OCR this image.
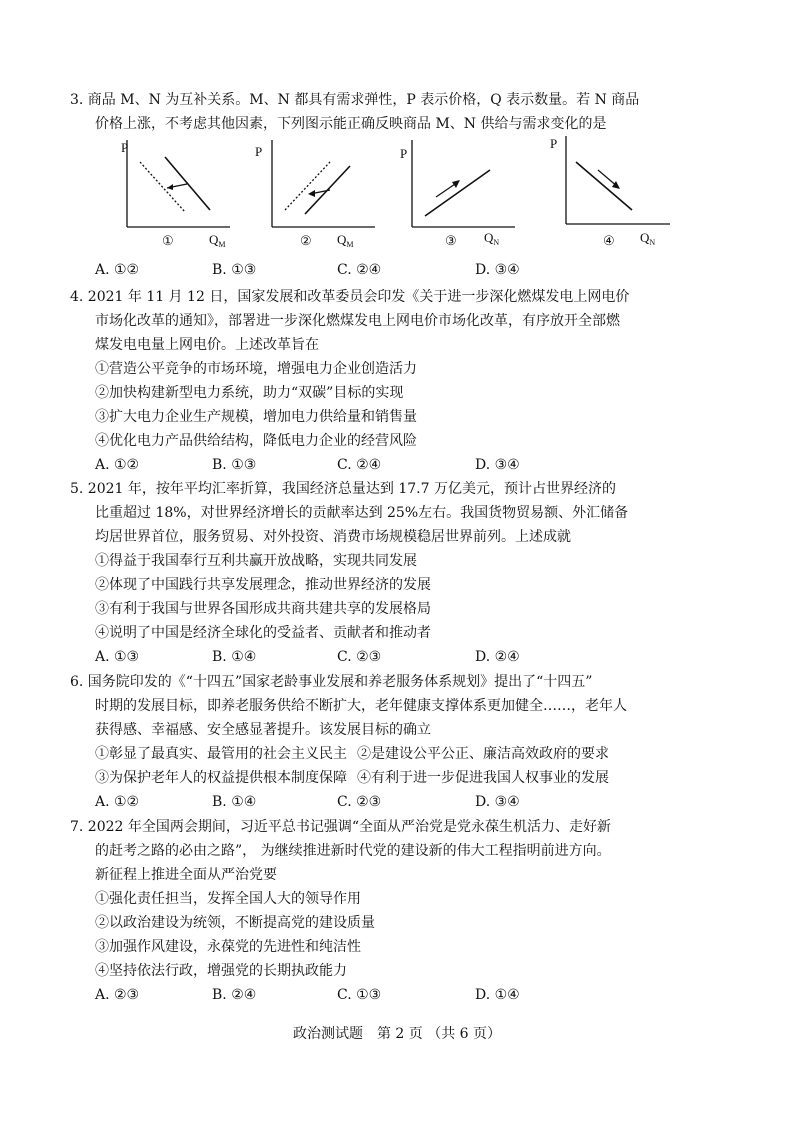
3. 商品 M、N 为互补关系。M、N 都具有需求弹性，P 表示价格，Q 表示数量。若 N 商品
价格上涨，不考虑其他因素，下列图示能正确反映商品 M、N 供给与需求变化的是
P
$Q_M$
①
P
$Q_M$
②
P
$Q_N$
③
P
$Q_N$
④
A. ①②	B. ①③	C. ②④	D. ③④
4. 2021 年 11 月 12 日，国家发展和改革委员会印发《关于进一步深化燃煤发电上网电价
市场化改革的通知》，部署进一步深化燃煤发电上网电价市场化改革，有序放开全部燃
煤发电电量上网电价。上述改革旨在
①营造公平竞争的市场环境，增强电力企业创造活力
②加快构建新型电力系统，助力“双碳”目标的实现
③扩大电力企业生产规模，增加电力供给量和销售量
④优化电力产品供给结构，降低电力企业的经营风险
A. ①②	B. ①③	C. ②④	D. ③④
5. 2021 年，按年平均汇率折算，我国经济总量达到 17.7 万亿美元，预计占世界经济的
比重超过 18%，对世界经济增长的贡献率达到 25%左右。我国货物贸易额、外汇储备
均居世界首位，服务贸易、对外投资、消费市场规模稳居世界前列。上述成就
①得益于我国奉行互利共赢开放战略，实现共同发展
②体现了中国践行共享发展理念，推动世界经济的发展
③有利于我国与世界各国形成共商共建共享的发展格局
④说明了中国是经济全球化的受益者、贡献者和推动者
A. ①③	B. ①④	C. ②③	D. ②④
6. 国务院印发的《“十四五”国家老龄事业发展和养老服务体系规划》提出了“十四五”
时期的发展目标，即养老服务供给不断扩大，老年健康支撑体系更加健全……，老年人
获得感、幸福感、安全感显著提升。该发展目标的确立
①彰显了最真实、最管用的社会主义民主 ②是建设公平公正、廉洁高效政府的要求
③为保护老年人的权益提供根本制度保障 ④有利于进一步促进我国人权事业的发展
A. ①②	B. ①④	C. ②③	D. ③④
7. 2022 年全国两会期间，习近平总书记强调“全面从严治党是党永葆生机活力、走好新
的赶考之路的必由之路”， 为继续推进新时代党的建设新的伟大工程指明前进方向。
新征程上推进全面从严治党要
①强化责任担当，发挥全国人大的领导作用
②以政治建设为统领，不断提高党的建设质量
③加强作风建设，永葆党的先进性和纯洁性
④坚持依法行政，增强党的长期执政能力
A. ②③	B. ②④	C. ①③	D. ①④
政治测试题　第 2 页 （共 6 页）
